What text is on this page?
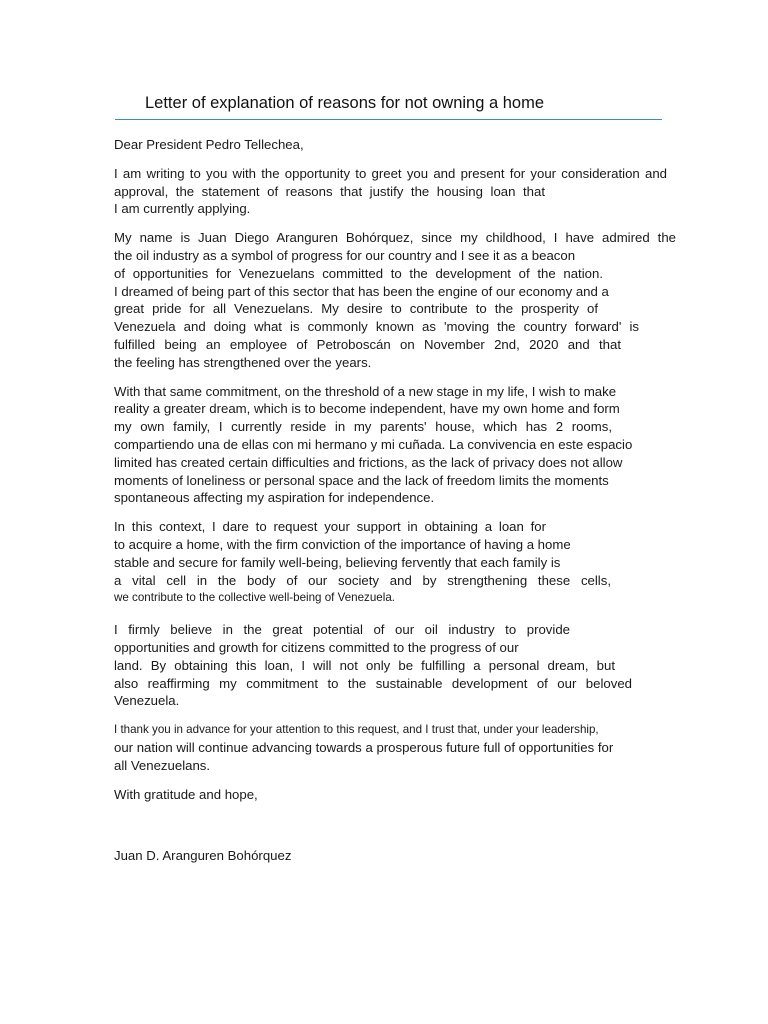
Letter of explanation of reasons for not owning a home

Dear President Pedro Tellechea,

I am writing to you with the opportunity to greet you and present for your consideration and
approval, the statement of reasons that justify the housing loan that
I am currently applying.

My name is Juan Diego Aranguren Bohórquez, since my childhood, I have admired the
the oil industry as a symbol of progress for our country and I see it as a beacon
of opportunities for Venezuelans committed to the development of the nation.
I dreamed of being part of this sector that has been the engine of our economy and a
great pride for all Venezuelans. My desire to contribute to the prosperity of
Venezuela and doing what is commonly known as 'moving the country forward' is
fulfilled being an employee of Petroboscán on November 2nd, 2020 and that
the feeling has strengthened over the years.

With that same commitment, on the threshold of a new stage in my life, I wish to make
reality a greater dream, which is to become independent, have my own home and form
my own family, I currently reside in my parents' house, which has 2 rooms,
compartiendo una de ellas con mi hermano y mi cuñada. La convivencia en este espacio
limited has created certain difficulties and frictions, as the lack of privacy does not allow
moments of loneliness or personal space and the lack of freedom limits the moments
spontaneous affecting my aspiration for independence.

In this context, I dare to request your support in obtaining a loan for
to acquire a home, with the firm conviction of the importance of having a home
stable and secure for family well-being, believing fervently that each family is
a vital cell in the body of our society and by strengthening these cells,
we contribute to the collective well-being of Venezuela.

I firmly believe in the great potential of our oil industry to provide
opportunities and growth for citizens committed to the progress of our
land. By obtaining this loan, I will not only be fulfilling a personal dream, but
also reaffirming my commitment to the sustainable development of our beloved
Venezuela.

I thank you in advance for your attention to this request, and I trust that, under your leadership,
our nation will continue advancing towards a prosperous future full of opportunities for
all Venezuelans.

With gratitude and hope,

Juan D. Aranguren Bohórquez
